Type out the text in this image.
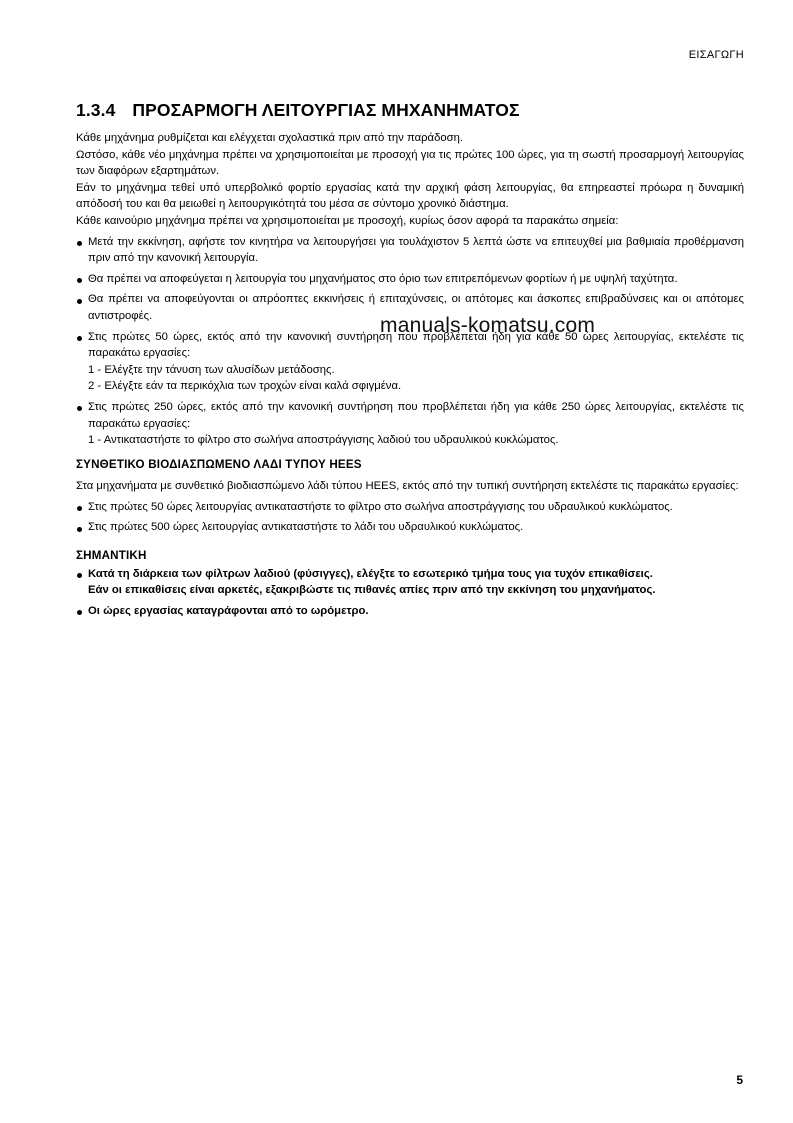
ΕΙΣΑΓΩΓΗ
1.3.4 ΠΡΟΣΑΡΜΟΓΗ ΛΕΙΤΟΥΡΓΙΑΣ ΜΗΧΑΝΗΜΑΤΟΣ

Κάθε μηχάνημα ρυθμίζεται και ελέγχεται σχολαστικά πριν από την παράδοση.

Ωστόσο, κάθε νέο μηχάνημα πρέπει να χρησιμοποιείται με προσοχή για τις πρώτες 100 ώρες, για τη σωστή προσαρμογή λειτουργίας των διαφόρων εξαρτημάτων.

Εάν το μηχάνημα τεθεί υπό υπερβολικό φορτίο εργασίας κατά την αρχική φάση λειτουργίας, θα επηρεαστεί πρόωρα η δυναμική απόδοσή του και θα μειωθεί η λειτουργικότητά του μέσα σε σύντομο χρονικό διάστημα.

Κάθε καινούριο μηχάνημα πρέπει να χρησιμοποιείται με προσοχή, κυρίως όσον αφορά τα παρακάτω σημεία:

Μετά την εκκίνηση, αφήστε τον κινητήρα να λειτουργήσει για τουλάχιστον 5 λεπτά ώστε να επιτευχθεί μια βαθμιαία προθέρμανση πριν από την κανονική λειτουργία.
Θα πρέπει να αποφεύγεται η λειτουργία του μηχανήματος στο όριο των επιτρεπόμενων φορτίων ή με υψηλή ταχύτητα.
Θα πρέπει να αποφεύγονται οι απρόοπτες εκκινήσεις ή επιταχύνσεις, οι απότομες και άσκοπες επιβραδύνσεις και οι απότομες αντιστροφές.
Στις πρώτες 50 ώρες, εκτός από την κανονική συντήρηση που προβλέπεται ήδη για κάθε 50 ώρες λειτουργίας, εκτελέστε τις παρακάτω εργασίες:
1 - Ελέγξτε την τάνυση των αλυσίδων μετάδοσης.
2 - Ελέγξτε εάν τα περικόχλια των τροχών είναι καλά σφιγμένα.
Στις πρώτες 250 ώρες, εκτός από την κανονική συντήρηση που προβλέπεται ήδη για κάθε 250 ώρες λειτουργίας, εκτελέστε τις παρακάτω εργασίες:
1 - Αντικαταστήστε το φίλτρο στο σωλήνα αποστράγγισης λαδιού του υδραυλικού κυκλώματος.
ΣΥΝΘΕΤΙΚΟ ΒΙΟΔΙΑΣΠΩΜΕΝΟ ΛΑΔΙ ΤΥΠΟΥ HEES

Στα μηχανήματα με συνθετικό βιοδιασπώμενο λάδι τύπου HEES, εκτός από την τυπική συντήρηση εκτελέστε τις παρακάτω εργασίες:

Στις πρώτες 50 ώρες λειτουργίας αντικαταστήστε το φίλτρο στο σωλήνα αποστράγγισης του υδραυλικού κυκλώματος.
Στις πρώτες 500 ώρες λειτουργίας αντικαταστήστε το λάδι του υδραυλικού κυκλώματος.
ΣΗΜΑΝΤΙΚΗ
Κατά τη διάρκεια των φίλτρων λαδιού (φύσιγγες), ελέγξτε το εσωτερικό τμήμα τους για τυχόν επικαθίσεις.
Εάν οι επικαθίσεις είναι αρκετές, εξακριβώστε τις πιθανές απίες πριν από την εκκίνηση του μηχανήματος.
Οι ώρες εργασίας καταγράφονται από το ωρόμετρο.
manuals-komatsu.com
5
